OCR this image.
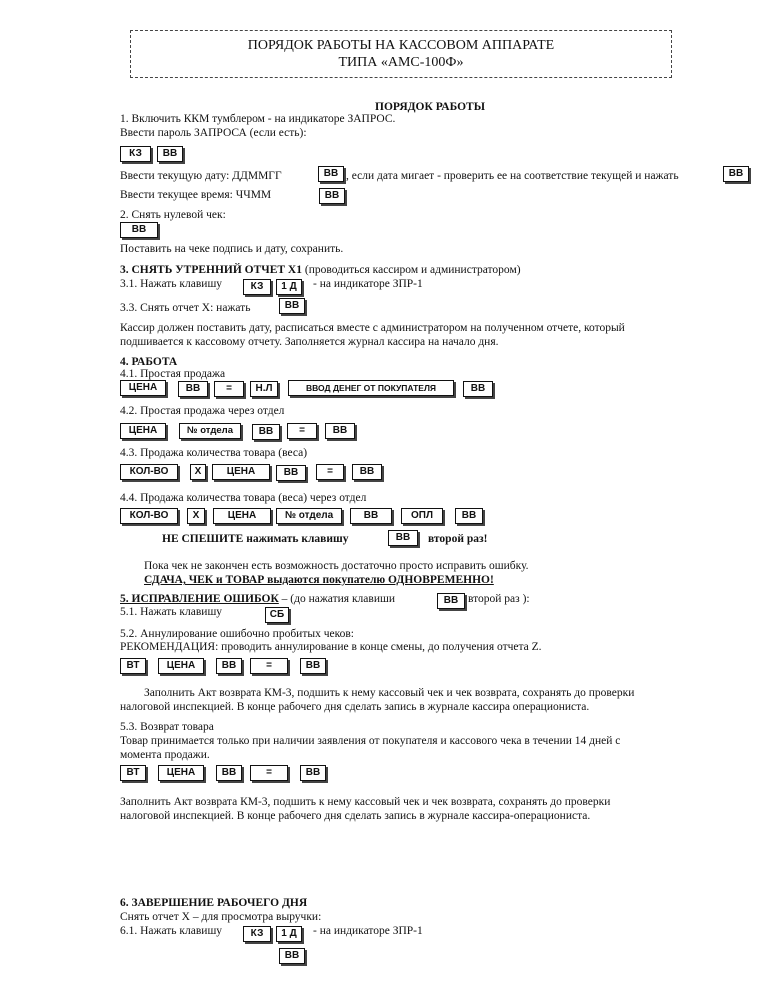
ПОРЯДОК РАБОТЫ НА КАССОВОМ АППАРАТЕ
ТИПА «АМС-100Ф»
ПОРЯДОК РАБОТЫ
1. Включить ККМ тумблером - на индикаторе ЗАПРОС.
Ввести пароль ЗАПРОСА (если есть):
КЗ	ВВ
Ввести текущую дату: ДДММГГ	ВВ , если дата мигает - проверить ее на соответствие текущей и нажать	ВВ
Ввести текущее время: ЧЧММ	ВВ
2. Снять нулевой чек:
ВВ
Поставить на чеке подпись и дату, сохранить.
3. СНЯТЬ УТРЕННИЙ ОТЧЕТ Х1 (проводиться кассиром и администратором)
3.1. Нажать клавишу	КЗ	1 Д	- на индикаторе ЗПР-1
3.3. Снять отчет Х: нажать	ВВ
Кассир должен поставить дату, расписаться вместе с администратором на полученном отчете, который
подшивается к кассовому отчету. Заполняется журнал кассира на начало дня.
4. РАБОТА
4.1. Простая продажа
ЦЕНА	ВВ	=	Н.Л	ВВОД ДЕНЕГ ОТ ПОКУПАТЕЛЯ	ВВ
4.2. Простая продажа через отдел
ЦЕНА	№ отдела	ВВ	=	ВВ
4.3. Продажа количества товара (веса)
КОЛ-ВО	Х	ЦЕНА	ВВ	=	ВВ
4.4. Продажа количества товара (веса) через отдел
КОЛ-ВО	Х	ЦЕНА	№ отдела	ВВ	ОПЛ	ВВ
НЕ СПЕШИТЕ нажимать клавишу	ВВ	второй раз!
Пока чек не закончен есть возможность достаточно просто исправить ошибку.
СДАЧА, ЧЕК и ТОВАР выдаются покупателю ОДНОВРЕМЕННО!
5. ИСПРАВЛЕНИЕ ОШИБОК – (до нажатия клавиши	ВВ второй раз ):
5.1. Нажать клавишу	СБ
5.2. Аннулирование ошибочно пробитых чеков:
РЕКОМЕНДАЦИЯ: проводить аннулирование в конце смены, до получения отчета Z.
ВТ	ЦЕНА	ВВ	=	ВВ
Заполнить Акт возврата КМ-3, подшить к нему кассовый чек и чек возврата, сохранять до проверки
налоговой инспекцией. В конце рабочего дня сделать запись в журнале кассира операциониста.
5.3. Возврат товара
Товар принимается только при наличии заявления от покупателя и кассового чека в течении 14 дней с
момента продажи.
ВТ	ЦЕНА	ВВ	=	ВВ
Заполнить Акт возврата КМ-3, подшить к нему кассовый чек и чек возврата, сохранять до проверки
налоговой инспекцией. В конце рабочего дня сделать запись в журнале кассира-операциониста.
6. ЗАВЕРШЕНИЕ РАБОЧЕГО ДНЯ
Снять отчет Х – для просмотра выручки:
6.1. Нажать клавишу	КЗ	1 Д	- на индикаторе ЗПР-1
ВВ
